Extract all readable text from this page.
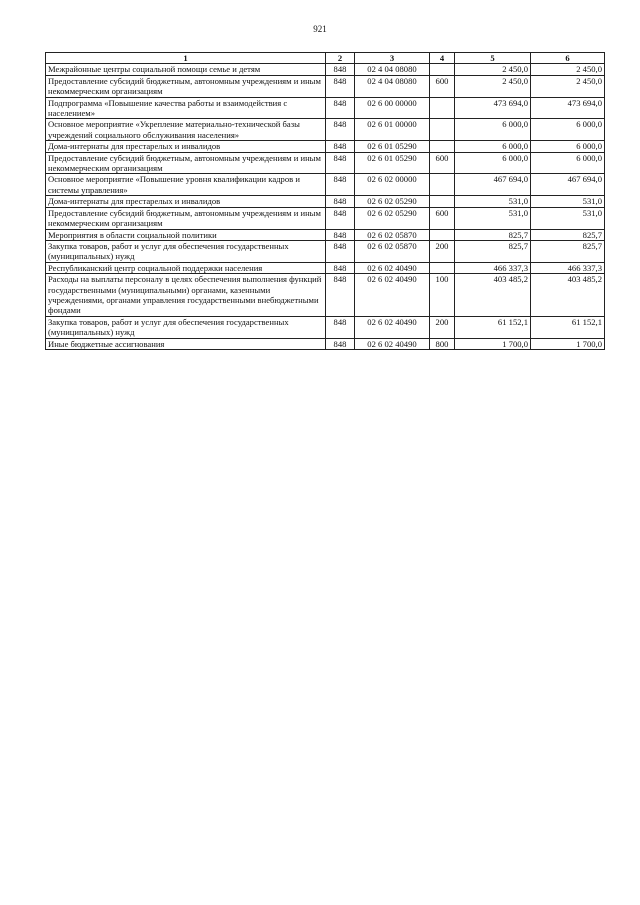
921
1	2	3	4	5	6
Межрайонные центры социальной помощи семье и детям	848	02 4 04 08080		2 450,0	2 450,0
Предоставление субсидий бюджетным, автономным учреждениям и иным некоммерческим организациям	848	02 4 04 08080	600	2 450,0	2 450,0
Подпрограмма «Повышение качества работы и взаимодействия с населением»	848	02 6 00 00000		473 694,0	473 694,0
Основное мероприятие «Укрепление материально-технической базы учреждений социального обслуживания населения»	848	02 6 01 00000		6 000,0	6 000,0
Дома-интернаты для престарелых и инвалидов	848	02 6 01 05290		6 000,0	6 000,0
Предоставление субсидий бюджетным, автономным учреждениям и иным некоммерческим организациям	848	02 6 01 05290	600	6 000,0	6 000,0
Основное мероприятие «Повышение уровня квалификации кадров и системы управления»	848	02 6 02 00000		467 694,0	467 694,0
Дома-интернаты для престарелых и инвалидов	848	02 6 02 05290		531,0	531,0
Предоставление субсидий бюджетным, автономным учреждениям и иным некоммерческим организациям	848	02 6 02 05290	600	531,0	531,0
Мероприятия в области социальной политики	848	02 6 02 05870		825,7	825,7
Закупка товаров, работ и услуг для обеспечения государственных (муниципальных) нужд	848	02 6 02 05870	200	825,7	825,7
Республиканский центр социальной поддержки населения	848	02 6 02 40490		466 337,3	466 337,3
Расходы на выплаты персоналу в целях обеспечения выполнения функций государственными (муниципальными) органами, казенными учреждениями, органами управления государственными внебюджетными фондами	848	02 6 02 40490	100	403 485,2	403 485,2
Закупка товаров, работ и услуг для обеспечения государственных (муниципальных) нужд	848	02 6 02 40490	200	61 152,1	61 152,1
Иные бюджетные ассигнования	848	02 6 02 40490	800	1 700,0	1 700,0
